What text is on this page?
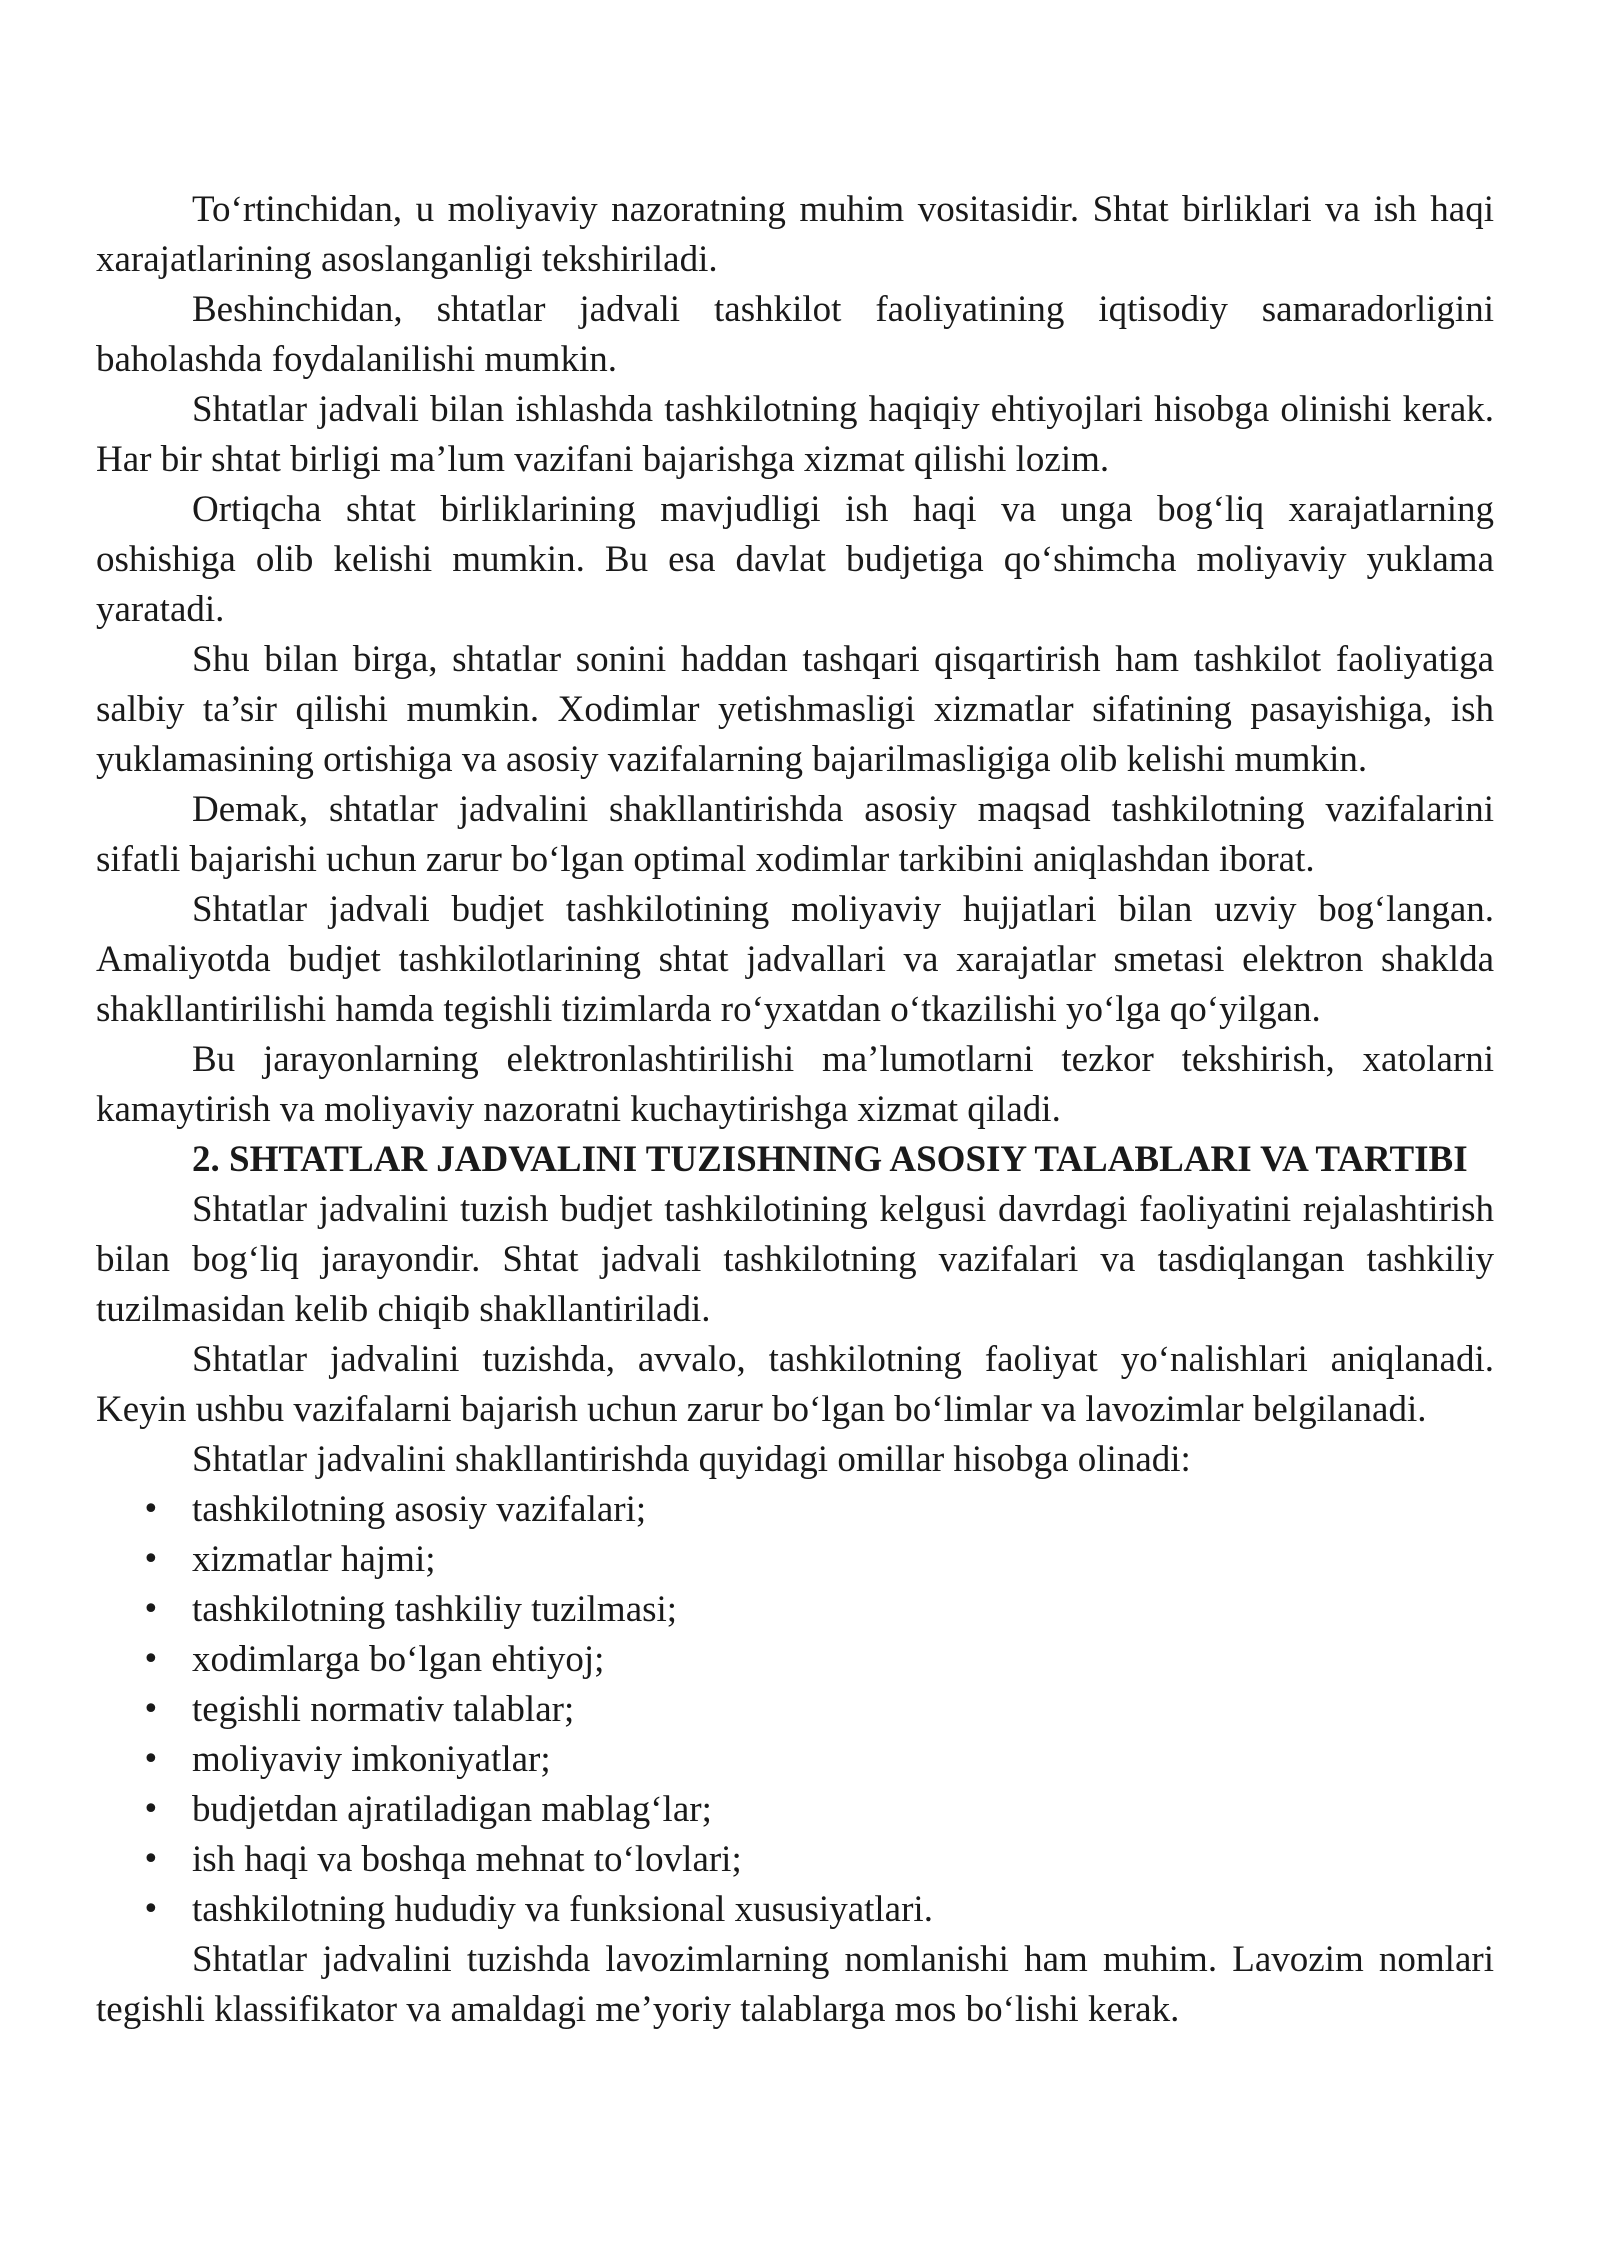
To‘rtinchidan, u moliyaviy nazoratning muhim vositasidir. Shtat birliklari va ish haqi xarajatlarining asoslanganligi tekshiriladi.

Beshinchidan, shtatlar jadvali tashkilot faoliyatining iqtisodiy samaradorligini baholashda foydalanilishi mumkin.

Shtatlar jadvali bilan ishlashda tashkilotning haqiqiy ehtiyojlari hisobga olinishi kerak. Har bir shtat birligi ma’lum vazifani bajarishga xizmat qilishi lozim.

Ortiqcha shtat birliklarining mavjudligi ish haqi va unga bog‘liq xarajatlarning oshishiga olib kelishi mumkin. Bu esa davlat budjetiga qo‘shimcha moliyaviy yuklama yaratadi.

Shu bilan birga, shtatlar sonini haddan tashqari qisqartirish ham tashkilot faoliyatiga salbiy ta’sir qilishi mumkin. Xodimlar yetishmasligi xizmatlar sifatining pasayishiga, ish yuklamasining ortishiga va asosiy vazifalarning bajarilmasligiga olib kelishi mumkin.

Demak, shtatlar jadvalini shakllantirishda asosiy maqsad tashkilotning vazifalarini sifatli bajarishi uchun zarur bo‘lgan optimal xodimlar tarkibini aniqlashdan iborat.

Shtatlar jadvali budjet tashkilotining moliyaviy hujjatlari bilan uzviy bog‘langan. Amaliyotda budjet tashkilotlarining shtat jadvallari va xarajatlar smetasi elektron shaklda shakllantirilishi hamda tegishli tizimlarda ro‘yxatdan o‘tkazilishi yo‘lga qo‘yilgan.

Bu jarayonlarning elektronlashtirilishi ma’lumotlarni tezkor tekshirish, xatolarni kamaytirish va moliyaviy nazoratni kuchaytirishga xizmat qiladi.

2. SHTATLAR JADVALINI TUZISHNING ASOSIY TALABLARI VA TARTIBI

Shtatlar jadvalini tuzish budjet tashkilotining kelgusi davrdagi faoliyatini rejalashtirish bilan bog‘liq jarayondir. Shtat jadvali tashkilotning vazifalari va tasdiqlangan tashkiliy tuzilmasidan kelib chiqib shakllantiriladi.

Shtatlar jadvalini tuzishda, avvalo, tashkilotning faoliyat yo‘nalishlari aniqlanadi. Keyin ushbu vazifalarni bajarish uchun zarur bo‘lgan bo‘limlar va lavozimlar belgilanadi.

Shtatlar jadvalini shakllantirishda quyidagi omillar hisobga olinadi:

• tashkilotning asosiy vazifalari;
• xizmatlar hajmi;
• tashkilotning tashkiliy tuzilmasi;
• xodimlarga bo‘lgan ehtiyoj;
• tegishli normativ talablar;
• moliyaviy imkoniyatlar;
• budjetdan ajratiladigan mablag‘lar;
• ish haqi va boshqa mehnat to‘lovlari;
• tashkilotning hududiy va funksional xususiyatlari.

Shtatlar jadvalini tuzishda lavozimlarning nomlanishi ham muhim. Lavozim nomlari tegishli klassifikator va amaldagi me’yoriy talablarga mos bo‘lishi kerak.
